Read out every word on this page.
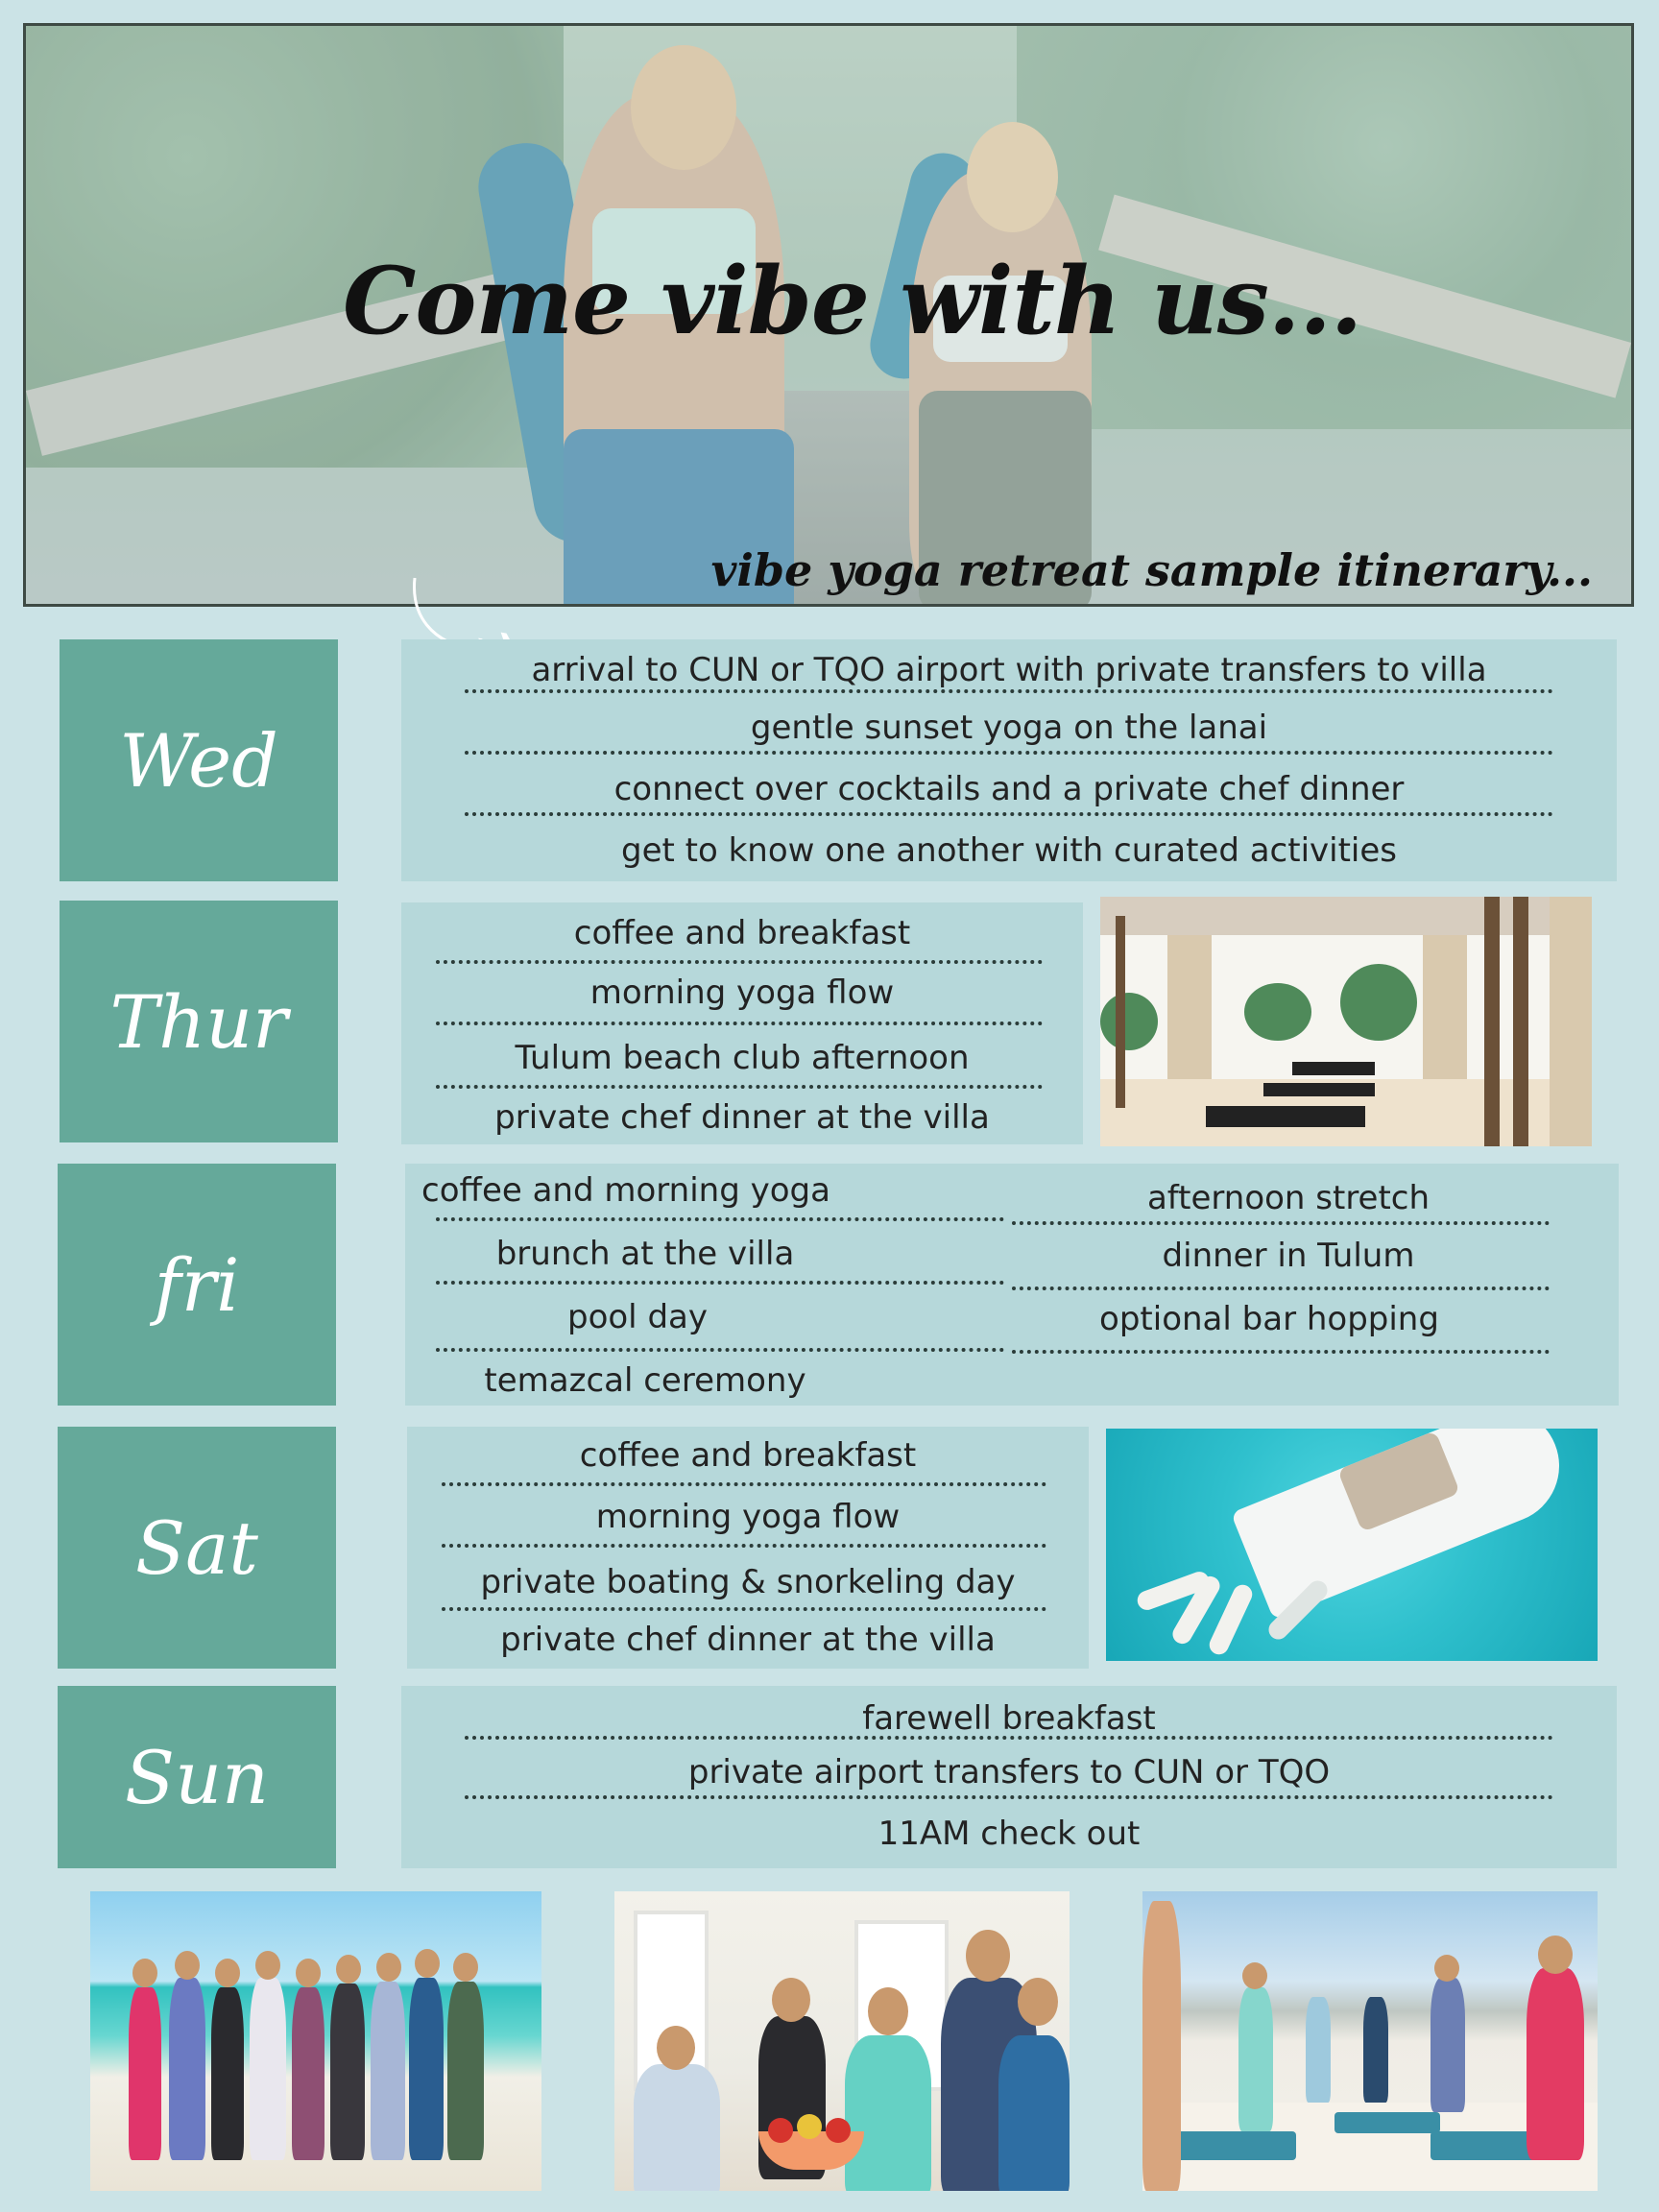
Come vibe with us...

vibe yoga retreat sample itinerary...

Wed
arrival to CUN or TQO airport with private transfers to villa
gentle sunset yoga on the lanai
connect over cocktails and a private chef dinner
get to know one another with curated activities
Thur
coffee and breakfast
morning yoga flow
Tulum beach club afternoon
private chef dinner at the villa
fri
coffee and morning yoga
brunch at the villa
pool day
temazcal ceremony
afternoon stretch
dinner in Tulum
optional bar hopping
Sat
coffee and breakfast
morning yoga flow
private boating & snorkeling day
private chef dinner at the villa
Sun
farewell breakfast
private airport transfers to CUN or TQO
11AM check out
